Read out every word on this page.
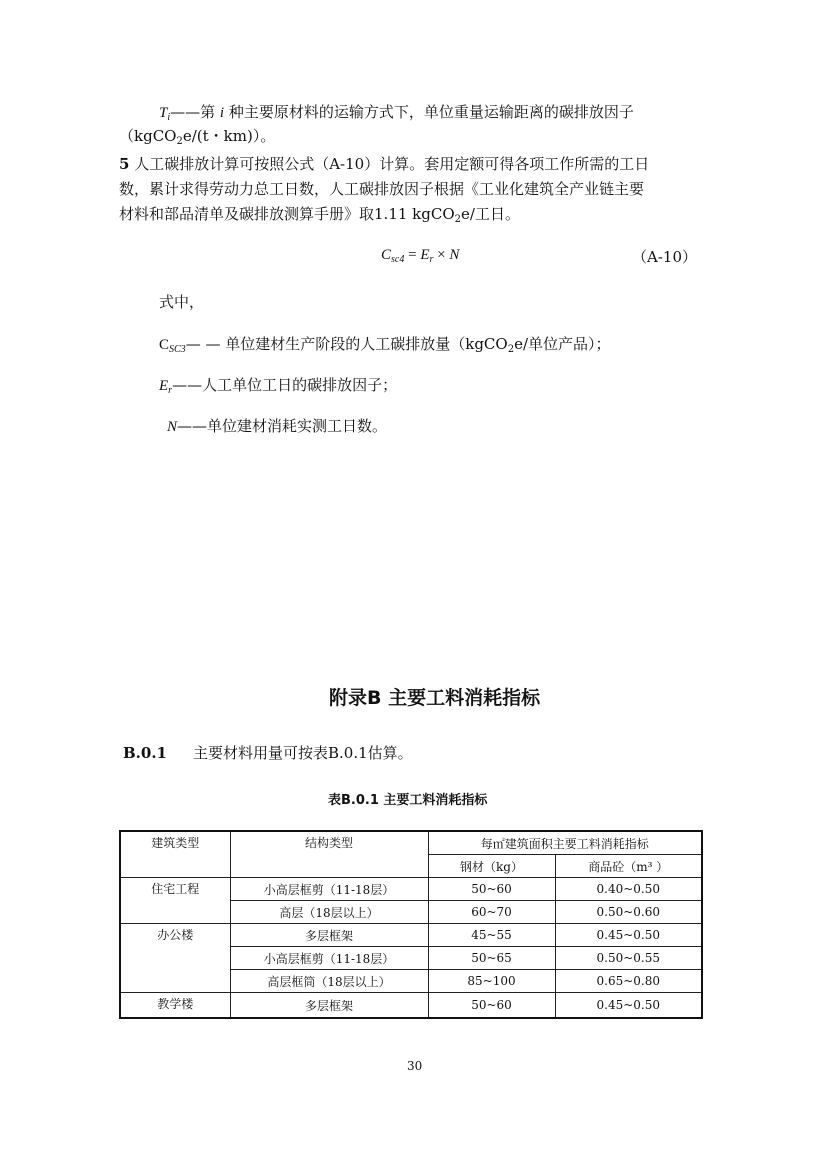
$T_i——$第 i 种主要原材料的运输方式下，单位重量运输距离的碳排放因子
（kgCO$_2$e/(t・km)）。
5 人工碳排放计算可按照公式（A-10）计算。套用定额可得各项工作所需的工日
数，累计求得劳动力总工日数，人工碳排放因子根据《工业化建筑全产业链主要
材料和部品清单及碳排放测算手册》取1.11 kgCO$_2$e/工日。
$C_{sc4} = E_r \times N$	（A-10）
式中，
$C_{SC3}—$ — 单位建材生产阶段的人工碳排放量（kgCO$_2$e/单位产品）；
$E_r——$人工单位工日的碳排放因子；
N——单位建材消耗实测工日数。
附录B 主要工料消耗指标
B.0.1 主要材料用量可按表B.0.1估算。
表B.0.1 主要工料消耗指标
建筑类型	结构类型	每㎡建筑面积主要工料消耗指标	
		钢材（kg）	商品砼（m³ ）
住宅工程	小高层框剪（11-18层）	50~60	0.40~0.50
	高层（18层以上）	60~70	0.50~0.60
办公楼	多层框架	45~55	0.45~0.50
	小高层框剪（11-18层）	50~65	0.50~0.55
	高层框筒（18层以上）	85~100	0.65~0.80
教学楼	多层框架	50~60	0.45~0.50
30
